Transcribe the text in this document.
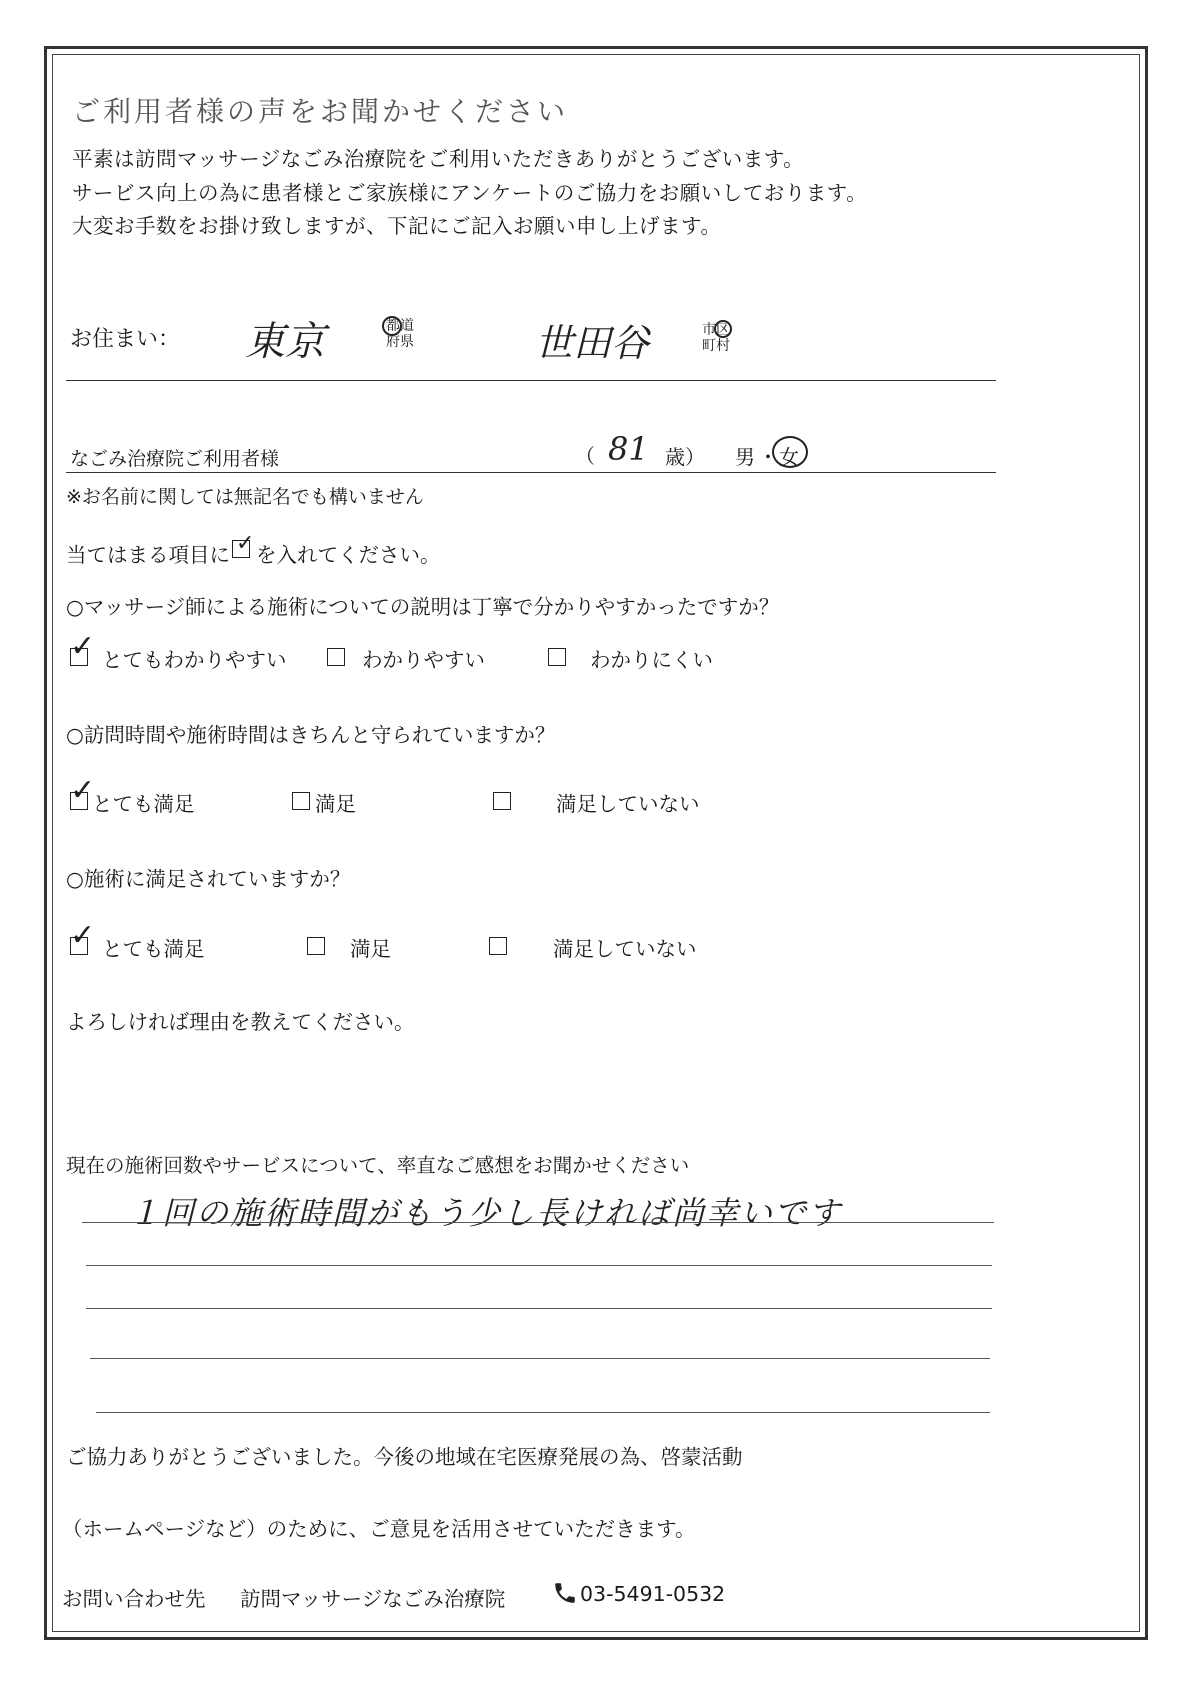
ご利用者様の声をお聞かせください
平素は訪問マッサージなごみ治療院をご利用いただきありがとうございます。
サービス向上の為に患者様とご家族様にアンケートのご協力をお願いしております。
大変お手数をお掛け致しますが、下記にご記入お願い申し上げます。
お住まい： 東京	都道
府県	世田谷	市区
町村
なごみ治療院ご利用者様	（ 81 歳） 男 ・ 女
※お名前に関しては無記名でも構いません
当てはまる項目に ✓ を入れてください。
○マッサージ師による施術についての説明は丁寧で分かりやすかったですか？
✓ とてもわかりやすい	わかりやすい	わかりにくい
○訪問時間や施術時間はきちんと守られていますか？
✓
とても満足	満足	満足していない
○施術に満足されていますか？
✓ とても満足	満足	満足していない
よろしければ理由を教えてください。
現在の施術回数やサービスについて、率直なご感想をお聞かせください
１回の施術時間がもう少し長ければ尚幸いです
ご協力ありがとうございました。今後の地域在宅医療発展の為、啓蒙活動
（ホームページなど）のために、ご意見を活用させていただきます。
お問い合わせ先 訪問マッサージなごみ治療院	03-5491-0532
